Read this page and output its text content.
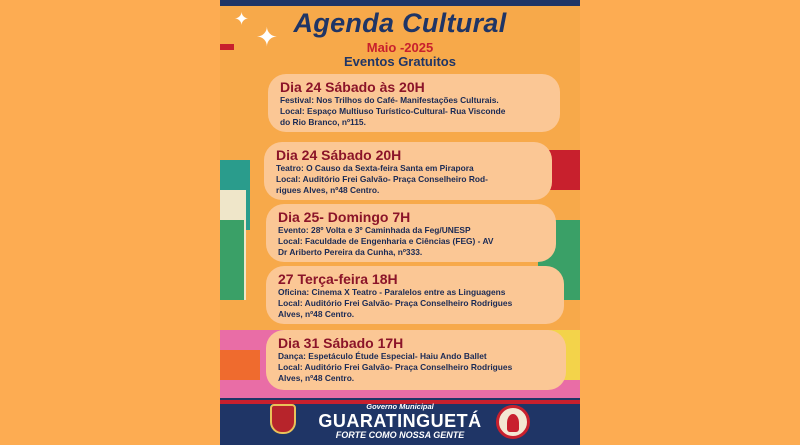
✦
✦ Agenda Cultural
Maio -2025
Eventos Gratuitos
Dia 24 Sábado às 20H
Festival: Nos Trilhos do Café- Manifestações Culturais.
Local: Espaço Multiuso Turístico-Cultural- Rua Visconde
do Rio Branco, nº115.
Dia 24 Sábado 20H
Teatro: O Causo da Sexta-feira Santa em Pirapora
Local: Auditório Frei Galvão- Praça Conselheiro Rod-
rigues Alves, nº48 Centro.
Dia 25- Domingo 7H
Evento: 28º Volta e 3º Caminhada da Feg/UNESP
Local: Faculdade de Engenharia e Ciências (FEG) - AV
Dr Ariberto Pereira da Cunha, nº333.
27 Terça-feira 18H
Oficina: Cinema X Teatro - Paralelos entre as Linguagens
Local: Auditório Frei Galvão- Praça Conselheiro Rodrigues
Alves, nº48 Centro.
Dia 31 Sábado 17H
Dança: Espetáculo Étude Especial- Haiu Ando Ballet
Local: Auditório Frei Galvão- Praça Conselheiro Rodrigues
Alves, nº48 Centro.
Governo Municipal
GUARATINGUETÁ
FORTE COMO NOSSA GENTE
